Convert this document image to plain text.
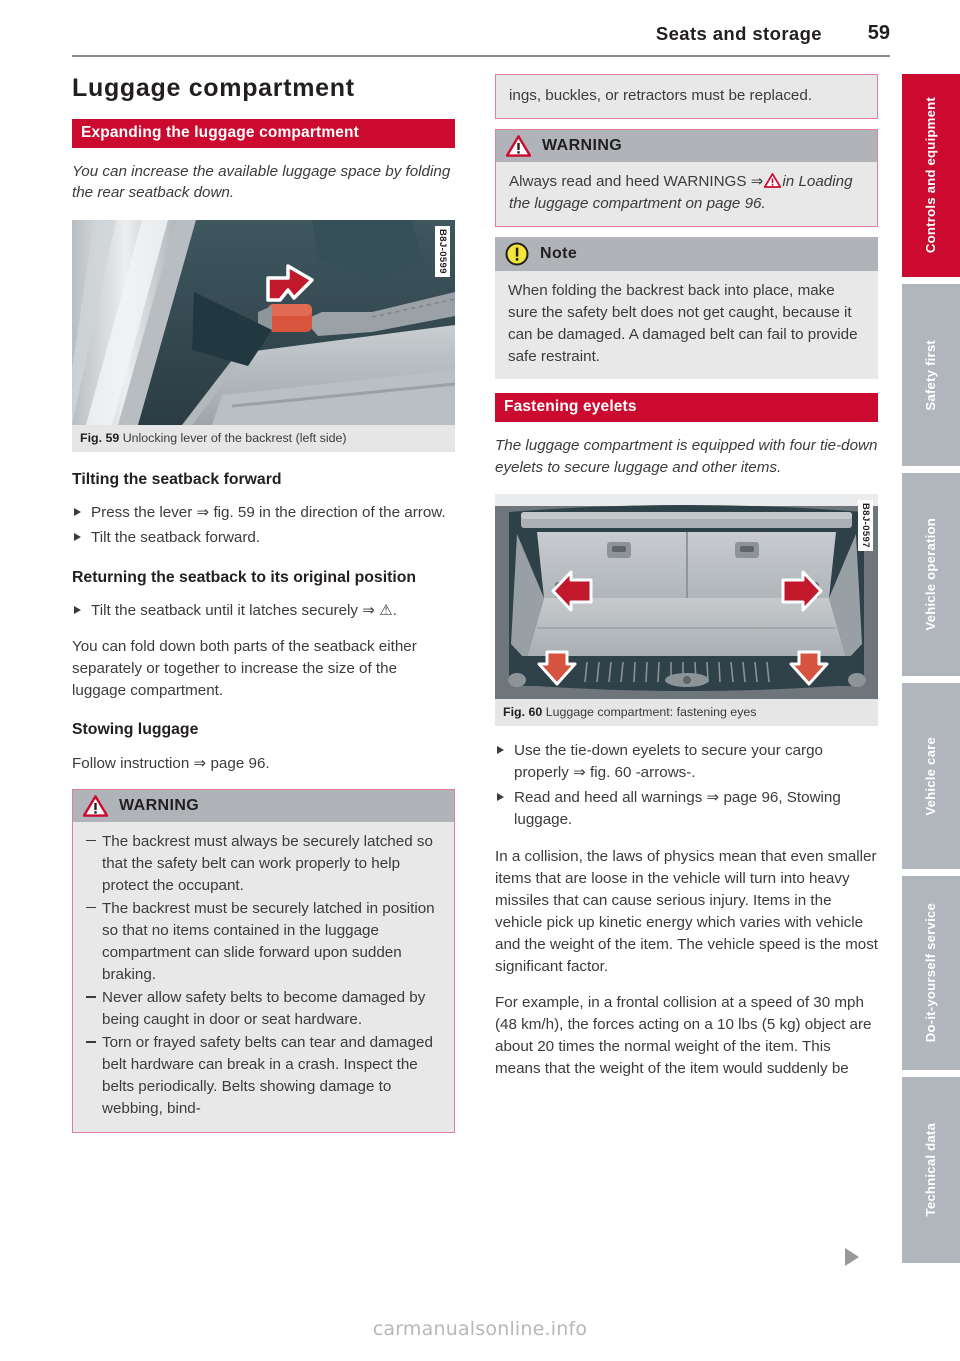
Seats and storage	59
Luggage compartment
Expanding the luggage compartment

You can increase the available luggage space by folding the rear seatback down.

B8J-0599
Fig. 59 Unlocking lever of the backrest (left side)
Tilting the seatback forward
Press the lever ⇒ fig. 59 in the direction of the arrow.
Tilt the seatback forward.
Returning the seatback to its original position
Tilt the seatback until it latches securely ⇒ ⚠.

You can fold down both parts of the seatback either separately or together to increase the size of the luggage compartment.

Stowing luggage

Follow instruction ⇒ page 96.

WARNING
The backrest must always be securely latched so that the safety belt can work properly to help protect the occupant.
The backrest must be securely latched in position so that no items contained in the luggage compartment can slide forward upon sudden braking.
Never allow safety belts to become damaged by being caught in door or seat hardware.
Torn or frayed safety belts can tear and damaged belt hardware can break in a crash. Inspect the belts periodically. Belts showing damage to webbing, bind-
ings, buckles, or retractors must be replaced.
WARNING
Always read and heed WARNINGS ⇒ in Loading the luggage compartment on page 96.
Note
When folding the backrest back into place, make sure the safety belt does not get caught, because it can be damaged. A damaged belt can fail to provide safe restraint.
Fastening eyelets

The luggage compartment is equipped with four tie-down eyelets to secure luggage and other items.

B8J-0597
Fig. 60 Luggage compartment: fastening eyes
Use the tie-down eyelets to secure your cargo properly ⇒ fig. 60 -arrows-.
Read and heed all warnings ⇒ page 96, Stowing luggage.

In a collision, the laws of physics mean that even smaller items that are loose in the vehicle will turn into heavy missiles that can cause serious injury. Items in the vehicle pick up kinetic energy which varies with vehicle and the weight of the item. The vehicle speed is the most significant factor.

For example, in a frontal collision at a speed of 30 mph (48 km/h), the forces acting on a 10 lbs (5 kg) object are about 20 times the normal weight of the item. This means that the weight of the item would suddenly be

Controls and equipment
Safety first
Vehicle operation
Vehicle care
Do-it-yourself service
Technical data
carmanualsonline.info
